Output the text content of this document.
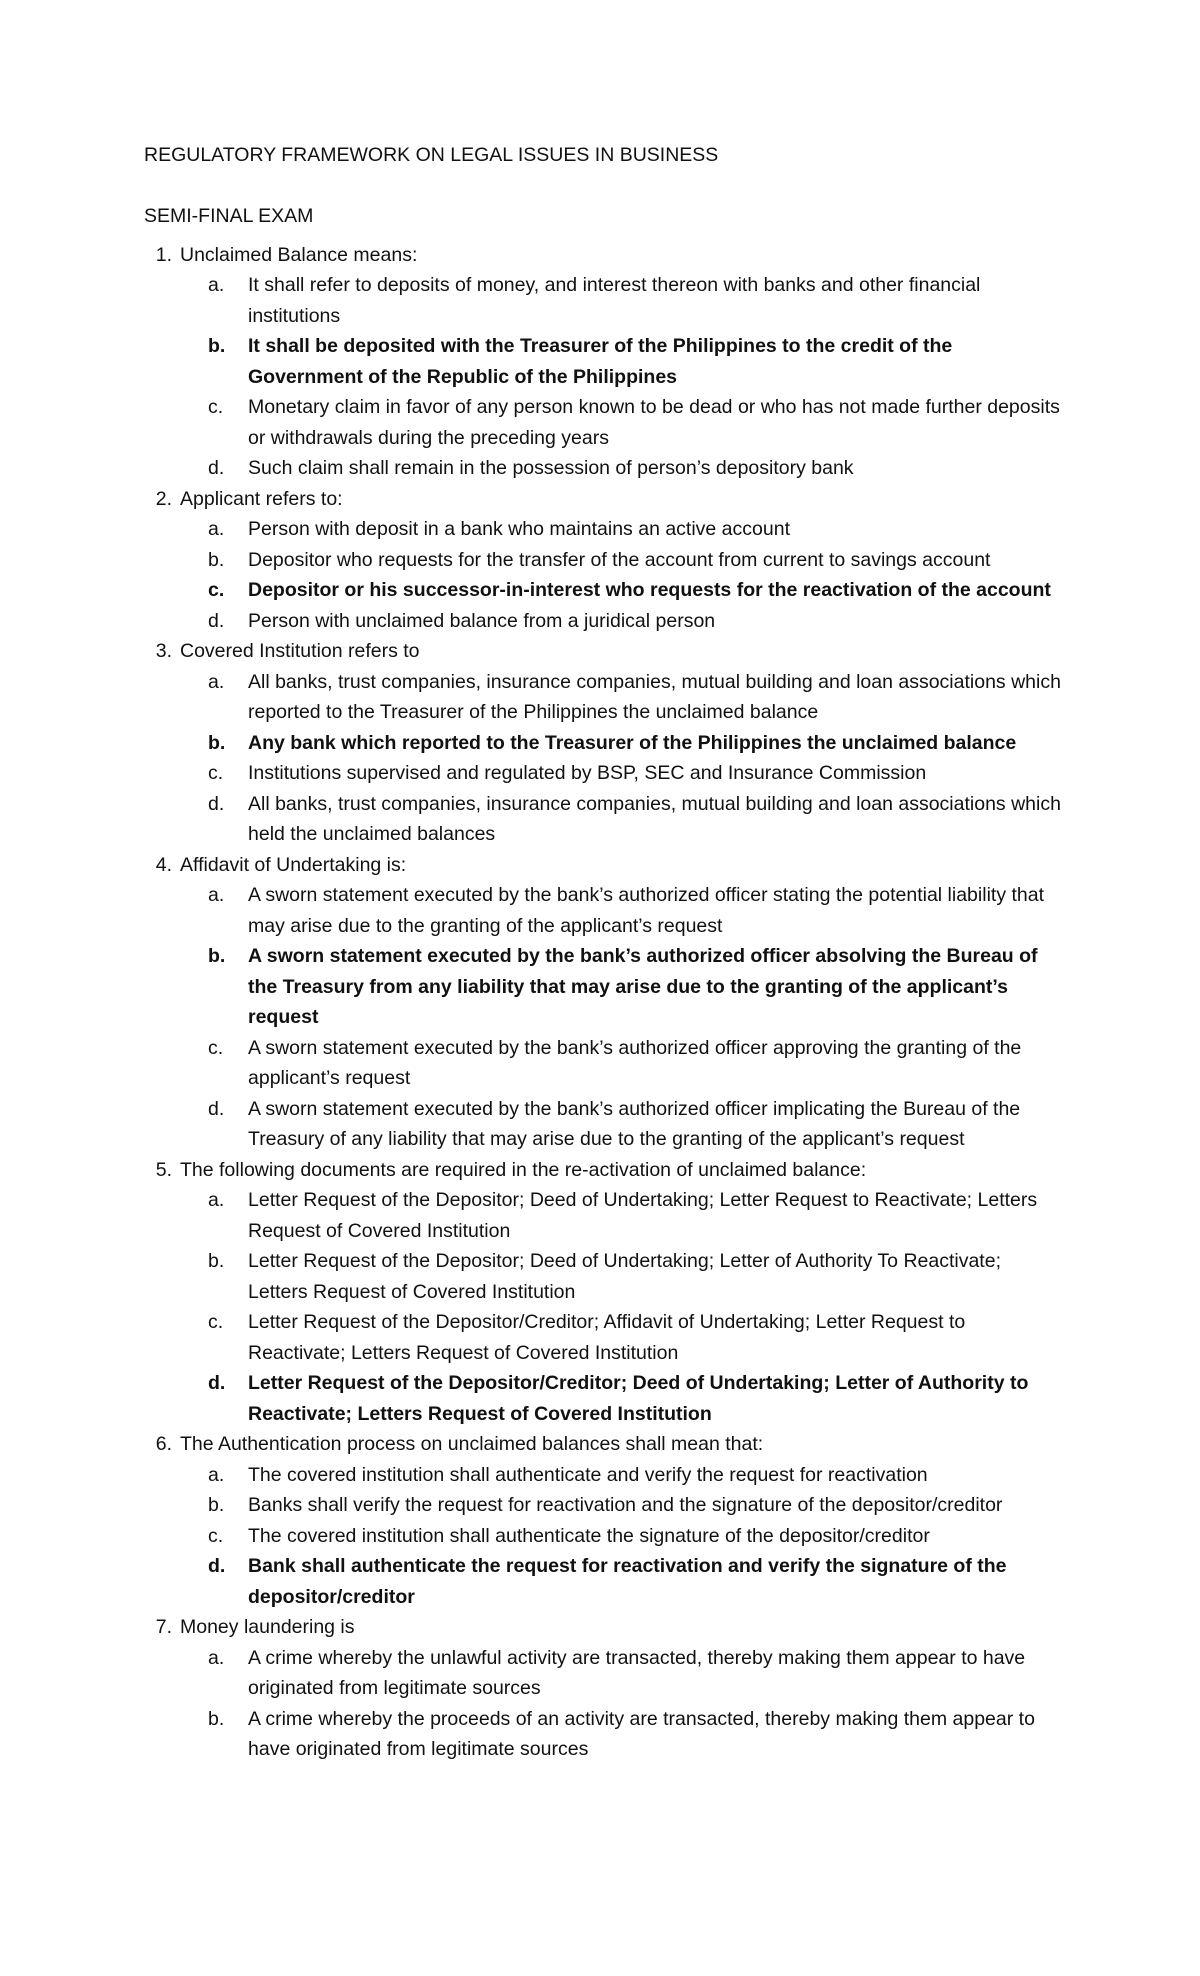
REGULATORY FRAMEWORK ON LEGAL ISSUES IN BUSINESS

SEMI-FINAL EXAM

1. Unclaimed Balance means:
a.	It shall refer to deposits of money, and interest thereon with banks and other financial institutions
b.	It shall be deposited with the Treasurer of the Philippines to the credit of the Government of the Republic of the Philippines
c.	Monetary claim in favor of any person known to be dead or who has not made further deposits or withdrawals during the preceding years
d.	Such claim shall remain in the possession of person’s depository bank
2. Applicant refers to:
a.	Person with deposit in a bank who maintains an active account
b.	Depositor who requests for the transfer of the account from current to savings account
c.	Depositor or his successor-in-interest who requests for the reactivation of the account
d.	Person with unclaimed balance from a juridical person
3. Covered Institution refers to
a.	All banks, trust companies, insurance companies, mutual building and loan associations which reported to the Treasurer of the Philippines the unclaimed balance
b.	Any bank which reported to the Treasurer of the Philippines the unclaimed balance
c.	Institutions supervised and regulated by BSP, SEC and Insurance Commission
d.	All banks, trust companies, insurance companies, mutual building and loan associations which held the unclaimed balances
4. Affidavit of Undertaking is:
a.	A sworn statement executed by the bank’s authorized officer stating the potential liability that may arise due to the granting of the applicant’s request
b.	A sworn statement executed by the bank’s authorized officer absolving the Bureau of the Treasury from any liability that may arise due to the granting of the applicant’s request
c.	A sworn statement executed by the bank’s authorized officer approving the granting of the applicant’s request
d.	A sworn statement executed by the bank’s authorized officer implicating the Bureau of the Treasury of any liability that may arise due to the granting of the applicant’s request
5. The following documents are required in the re-activation of unclaimed balance:
a.	Letter Request of the Depositor; Deed of Undertaking; Letter Request to Reactivate; Letters Request of Covered Institution
b.	Letter Request of the Depositor; Deed of Undertaking; Letter of Authority To Reactivate; Letters Request of Covered Institution
c.	Letter Request of the Depositor/Creditor; Affidavit of Undertaking; Letter Request to Reactivate; Letters Request of Covered Institution
d.	Letter Request of the Depositor/Creditor; Deed of Undertaking; Letter of Authority to Reactivate; Letters Request of Covered Institution
6. The Authentication process on unclaimed balances shall mean that:
a.	The covered institution shall authenticate and verify the request for reactivation
b.	Banks shall verify the request for reactivation and the signature of the depositor/creditor
c.	The covered institution shall authenticate the signature of the depositor/creditor
d.	Bank shall authenticate the request for reactivation and verify the signature of the depositor/creditor
7. Money laundering is
a.	A crime whereby the unlawful activity are transacted, thereby making them appear to have originated from legitimate sources
b.	A crime whereby the proceeds of an activity are transacted, thereby making them appear to have originated from legitimate sources
